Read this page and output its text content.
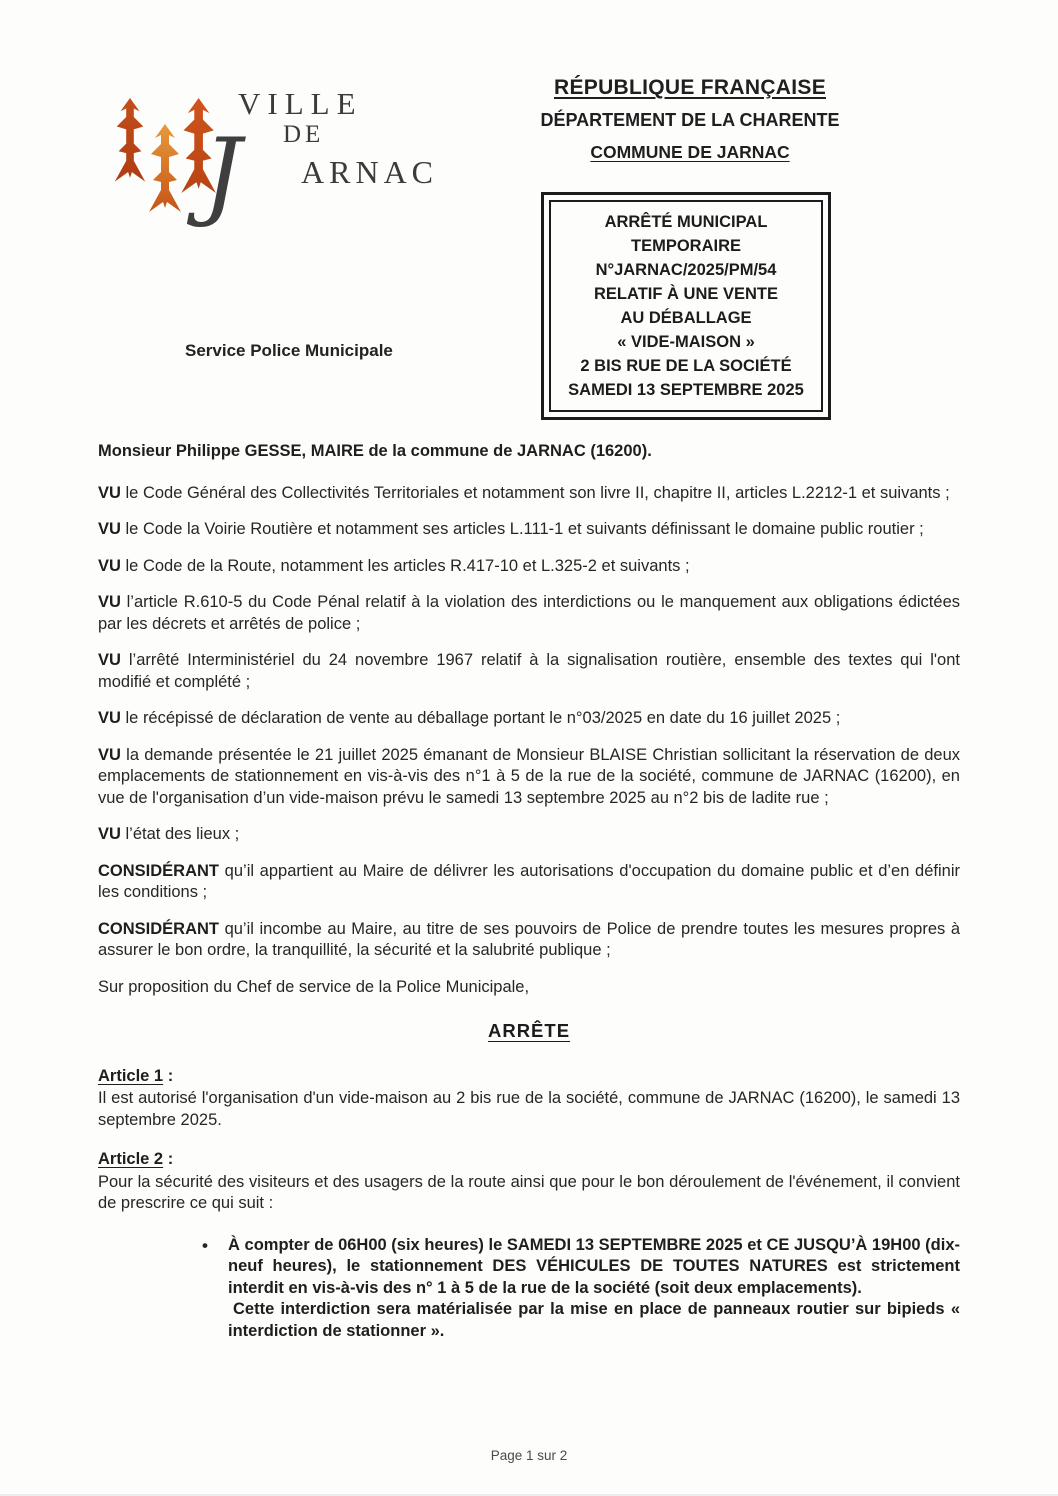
VILLE
DE
J ARNAC
Service Police Municipale
RÉPUBLIQUE FRANÇAISE
DÉPARTEMENT DE LA CHARENTE
COMMUNE DE JARNAC
ARRÊTÉ MUNICIPAL
TEMPORAIRE
N°JARNAC/2025/PM/54
RELATIF À UNE VENTE
AU DÉBALLAGE
« VIDE-MAISON »
2 BIS RUE DE LA SOCIÉTÉ
SAMEDI 13 SEPTEMBRE 2025

Monsieur Philippe GESSE, MAIRE de la commune de JARNAC (16200).

VU le Code Général des Collectivités Territoriales et notamment son livre II, chapitre II, articles L.2212-1 et suivants ;

VU le Code la Voirie Routière et notamment ses articles L.111-1 et suivants définissant le domaine public routier ;

VU le Code de la Route, notamment les articles R.417-10 et L.325-2 et suivants ;

VU l’article R.610-5 du Code Pénal relatif à la violation des interdictions ou le manquement aux obligations édictées par les décrets et arrêtés de police ;

VU l’arrêté Interministériel du 24 novembre 1967 relatif à la signalisation routière, ensemble des textes qui l'ont modifié et complété ;

VU le récépissé de déclaration de vente au déballage portant le n°03/2025 en date du 16 juillet 2025 ;

VU la demande présentée le 21 juillet 2025 émanant de Monsieur BLAISE Christian sollicitant la réservation de deux emplacements de stationnement en vis-à-vis des n°1 à 5 de la rue de la société, commune de JARNAC (16200), en vue de l'organisation d’un vide-maison prévu le samedi 13 septembre 2025 au n°2 bis de ladite rue ;

VU l’état des lieux ;

CONSIDÉRANT qu’il appartient au Maire de délivrer les autorisations d'occupation du domaine public et d’en définir les conditions ;

CONSIDÉRANT qu’il incombe au Maire, au titre de ses pouvoirs de Police de prendre toutes les mesures propres à assurer le bon ordre, la tranquillité, la sécurité et la salubrité publique ;

Sur proposition du Chef de service de la Police Municipale,

ARRÊTE

Article 1 :

Il est autorisé l'organisation d'un vide-maison au 2 bis rue de la société, commune de JARNAC (16200), le samedi 13 septembre 2025.

Article 2 :

Pour la sécurité des visiteurs et des usagers de la route ainsi que pour le bon déroulement de l'événement, il convient de prescrire ce qui suit :

•	À compter de 06H00 (six heures) le SAMEDI 13 SEPTEMBRE 2025 et CE JUSQU’À 19H00 (dix-neuf heures), le stationnement DES VÉHICULES DE TOUTES NATURES est strictement interdit en vis-à-vis des n° 1 à 5 de la rue de la société (soit deux emplacements).

Cette interdiction sera matérialisée par la mise en place de panneaux routier sur bipieds « interdiction de stationner ».

Page 1 sur 2
